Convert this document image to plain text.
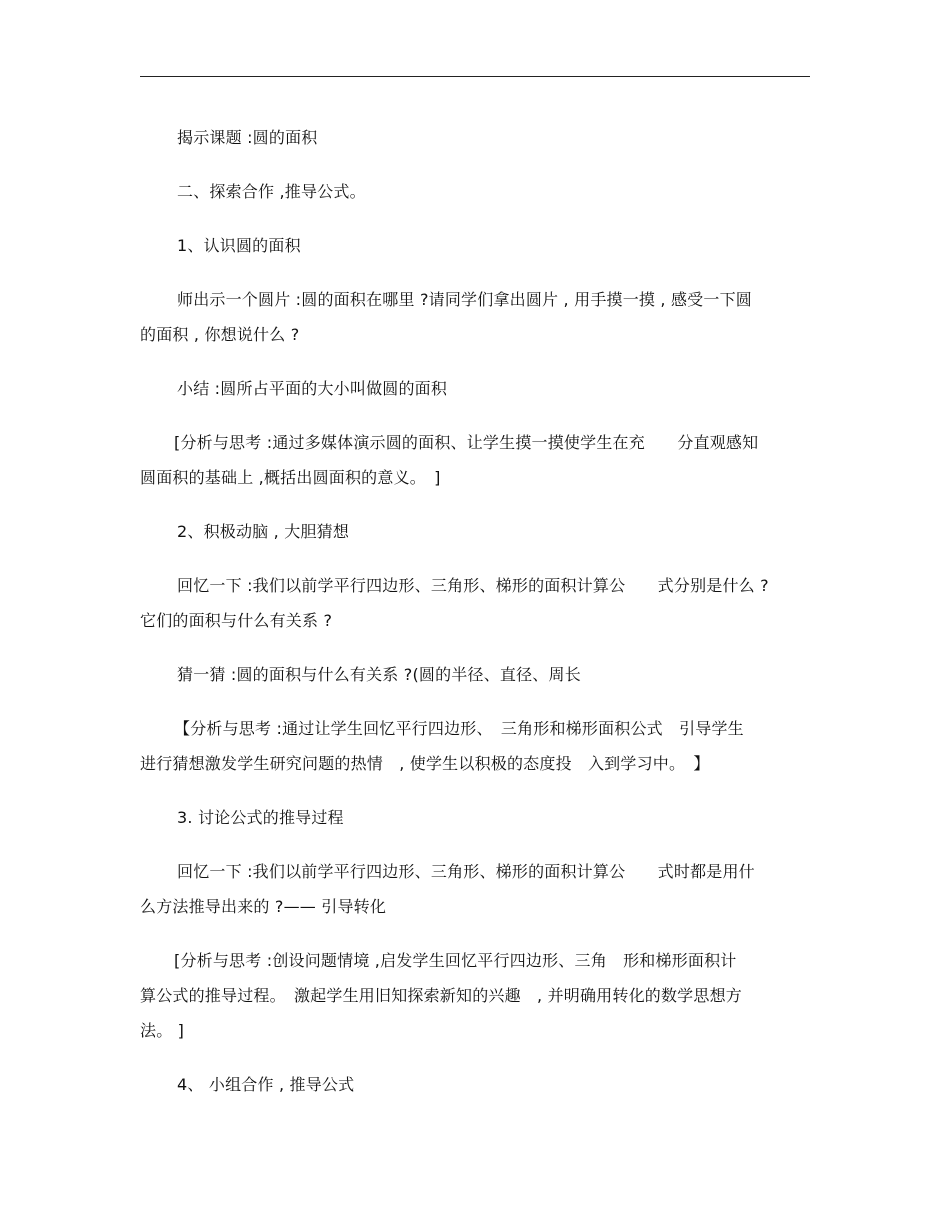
揭示课题 :圆的面积

二、探索合作 ,推导公式。

1、认识圆的面积

师出示一个圆片 :圆的面积在哪里 ?请同学们拿出圆片 , 用手摸一摸 , 感受一下圆
的面积 , 你想说什么 ?

小结 :圆所占平面的大小叫做圆的面积

[分析与思考 :通过多媒体演示圆的面积、让学生摸一摸使学生在充　　分直观感知
圆面积的基础上 ,概括出圆面积的意义。　]

2、积极动脑 , 大胆猜想

回忆一下 :我们以前学平行四边形、三角形、梯形的面积计算公　　式分别是什么 ?
它们的面积与什么有关系 ?

猜一猜 :圆的面积与什么有关系 ?(圆的半径、直径、周长

【分析与思考 :通过让学生回忆平行四边形、　三角形和梯形面积公式　引导学生
进行猜想激发学生研究问题的热情　, 使学生以积极的态度投　入到学习中。　】

3. 讨论公式的推导过程

回忆一下 :我们以前学平行四边形、三角形、梯形的面积计算公　　式时都是用什
么方法推导出来的 ?—— 引导转化

[分析与思考 :创设问题情境 ,启发学生回忆平行四边形、三角　形和梯形面积计
算公式的推导过程。　激起学生用旧知探索新知的兴趣　, 并明确用转化的数学思想方
法。 ]

4、 小组合作 , 推导公式
